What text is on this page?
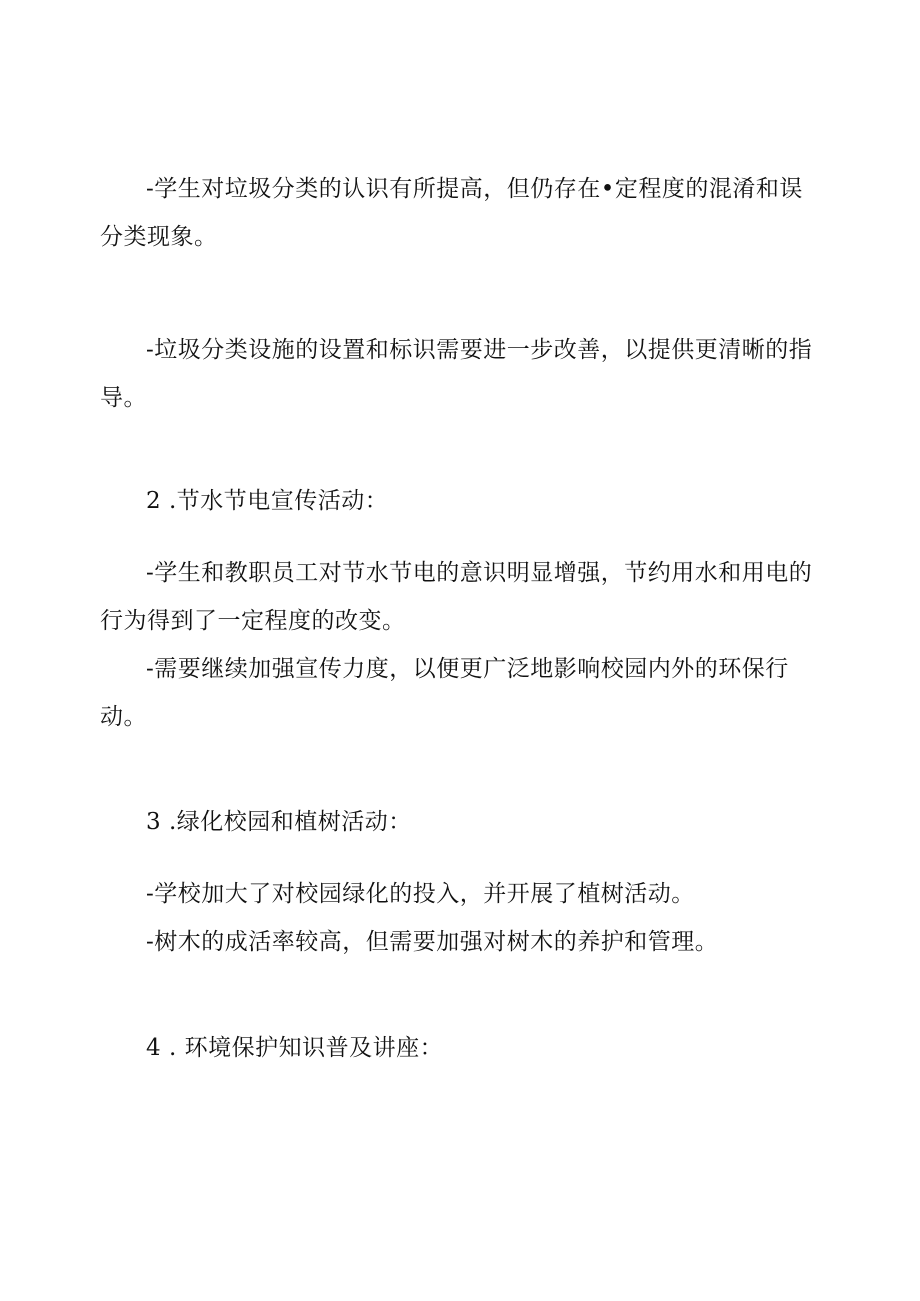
-学生对垃圾分类的认识有所提高，但仍存在•定程度的混淆和误
分类现象。
-垃圾分类设施的设置和标识需要进一步改善，以提供更清晰的指
导。
2 .节水节电宣传活动：
-学生和教职员工对节水节电的意识明显增强，节约用水和用电的
行为得到了一定程度的改变。
-需要继续加强宣传力度，以便更广泛地影响校园内外的环保行
动。
3 .绿化校园和植树活动：
-学校加大了对校园绿化的投入，并开展了植树活动。
-树木的成活率较高，但需要加强对树木的养护和管理。
4 . 环境保护知识普及讲座：
